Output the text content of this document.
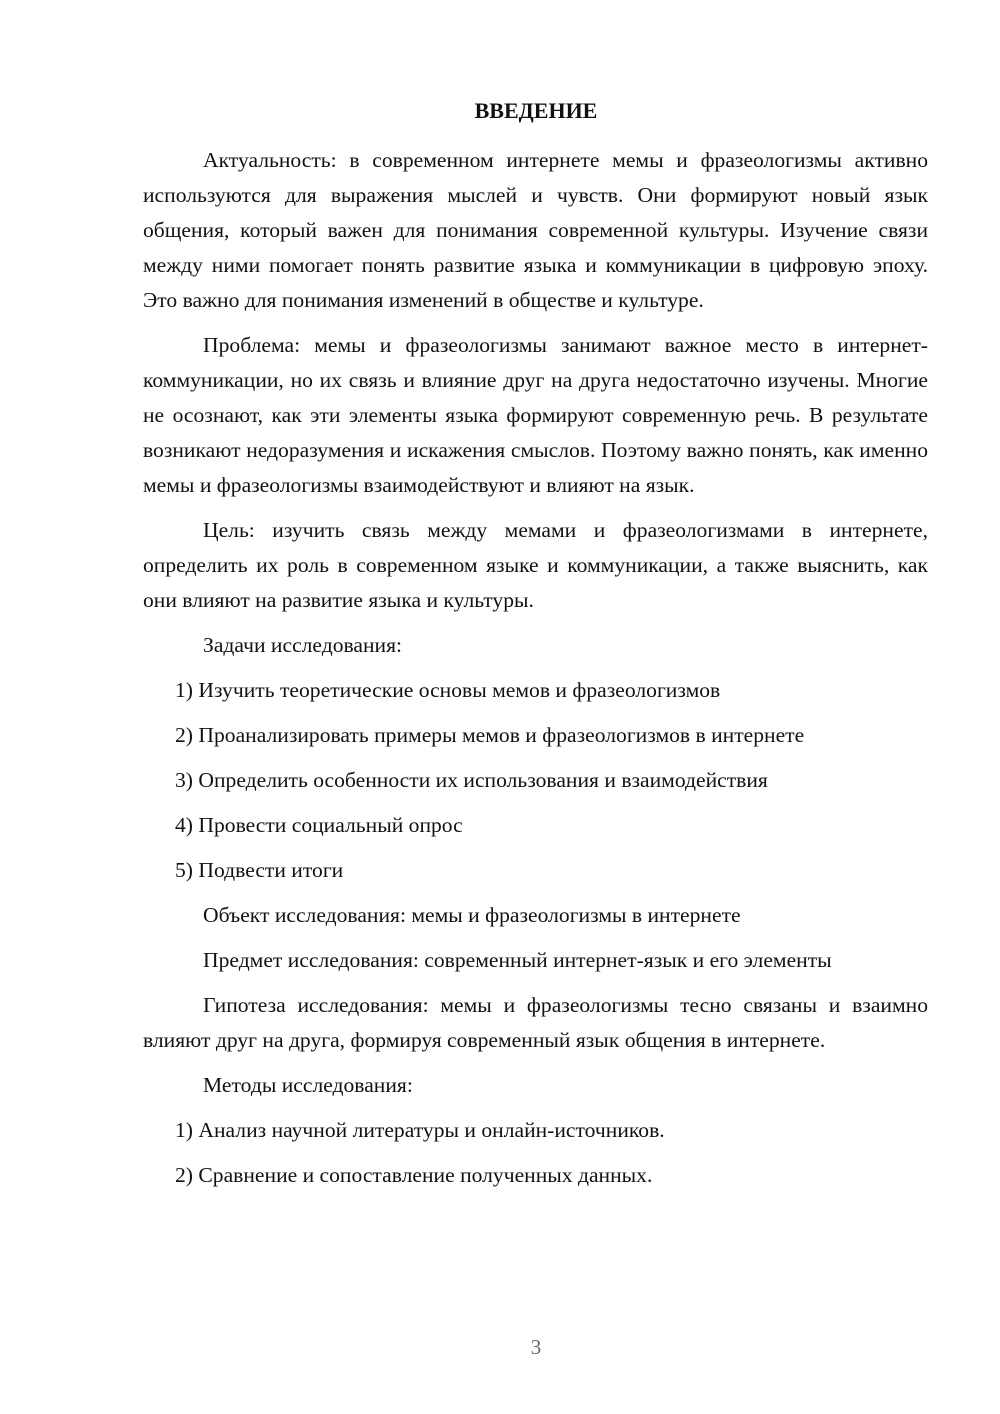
ВВЕДЕНИЕ

Актуальность: в современном интернете мемы и фразеологизмы активно используются для выражения мыслей и чувств. Они формируют новый язык общения, который важен для понимания современной культуры. Изучение связи между ними помогает понять развитие языка и коммуникации в цифровую эпоху. Это важно для понимания изменений в обществе и культуре.

Проблема: мемы и фразеологизмы занимают важное место в интернет-коммуникации, но их связь и влияние друг на друга недостаточно изучены. Многие не осознают, как эти элементы языка формируют современную речь. В результате возникают недоразумения и искажения смыслов. Поэтому важно понять, как именно мемы и фразеологизмы взаимодействуют и влияют на язык.

Цель: изучить связь между мемами и фразеологизмами в интернете, определить их роль в современном языке и коммуникации, а также выяснить, как они влияют на развитие языка и культуры.

Задачи исследования:

1) Изучить теоретические основы мемов и фразеологизмов

2) Проанализировать примеры мемов и фразеологизмов в интернете

3) Определить особенности их использования и взаимодействия

4) Провести социальный опрос

5) Подвести итоги

Объект исследования: мемы и фразеологизмы в интернете

Предмет исследования: современный интернет-язык и его элементы

Гипотеза исследования: мемы и фразеологизмы тесно связаны и взаимно влияют друг на друга, формируя современный язык общения в интернете.

Методы исследования:

1) Анализ научной литературы и онлайн-источников.

2) Сравнение и сопоставление полученных данных.

3
